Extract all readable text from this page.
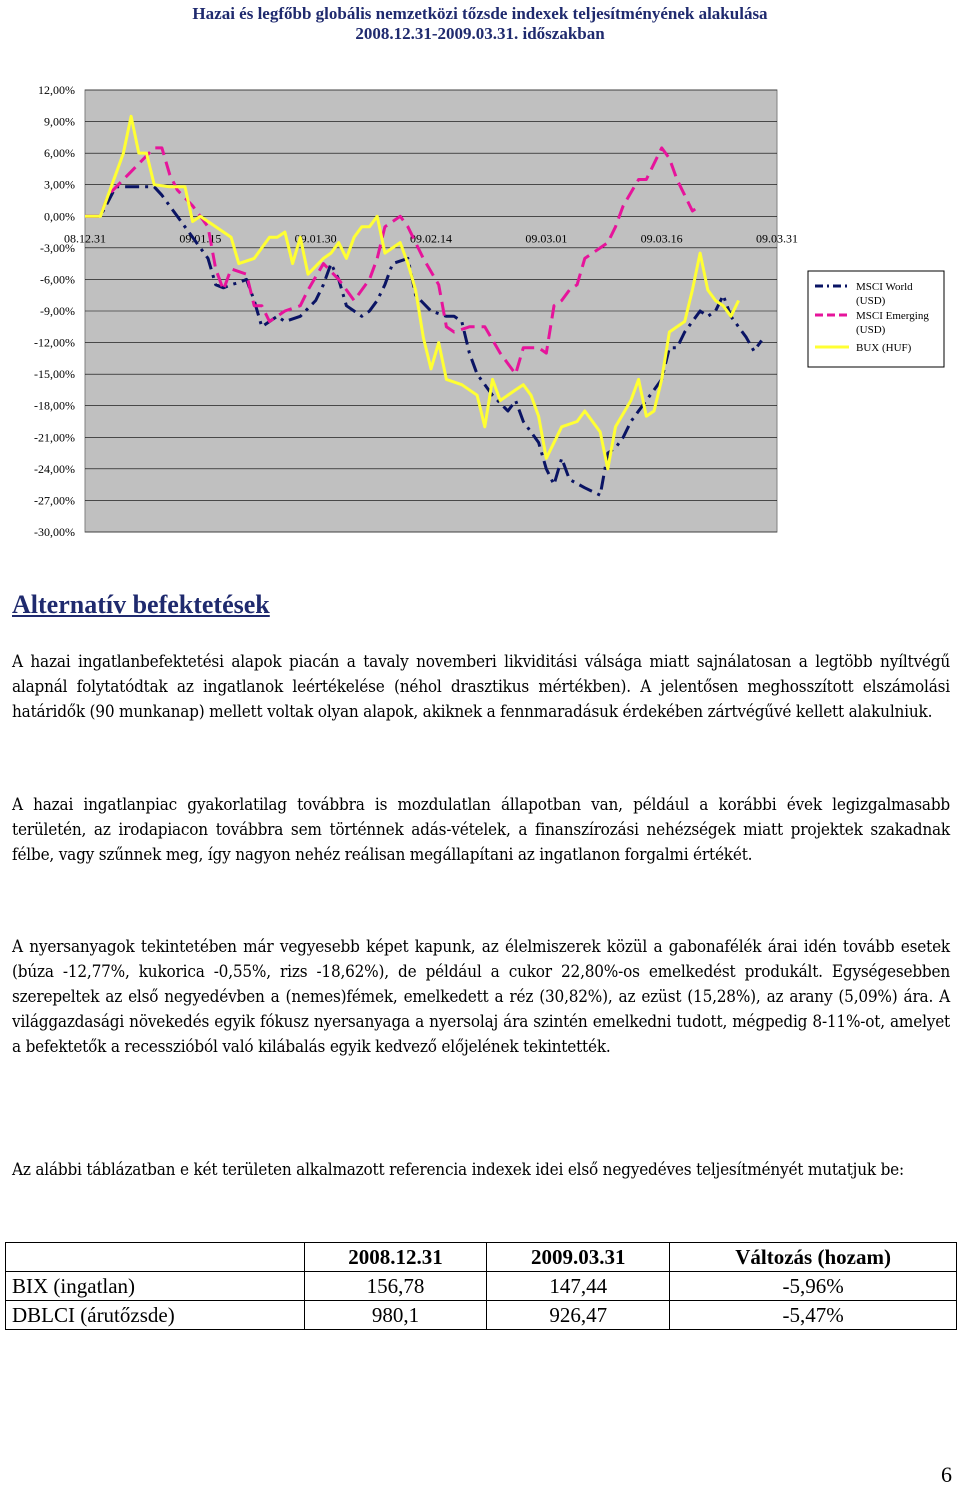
Hazai és legfőbb globális nemzetközi tőzsde indexek teljesítményének alakulása
2008.12.31-2009.03.31. időszakban
12,00%
9,00%
6,00%
3,00%
0,00%
-3,00%
-6,00%
-9,00%
-12,00%
-15,00%
-18,00%
-21,00%
-24,00%
-27,00%
-30,00%
08.12.31	09.01.15	09.01.30	09.02.14	09.03.01	09.03.16	09.03.31
MSCI World (USD)
MSCI Emerging (USD)
BUX (HUF)
Alternatív befektetések

A hazai ingatlanbefektetési alapok piacán a tavaly novemberi likviditási válsága miatt sajnálatosan a legtöbb nyíltvégű alapnál folytatódtak az ingatlanok leértékelése (néhol drasztikus mértékben). A jelentősen meghosszított elszámolási határidők (90 munkanap) mellett voltak olyan alapok, akiknek a fennmaradásuk érdekében zártvégűvé kellett alakulniuk.

A hazai ingatlanpiac gyakorlatilag továbbra is mozdulatlan állapotban van, például a korábbi évek legizgalmasabb területén, az irodapiacon továbbra sem történnek adás-vételek, a finanszírozási nehézségek miatt projektek szakadnak félbe, vagy szűnnek meg, így nagyon nehéz reálisan megállapítani az ingatlanon forgalmi értékét.

A nyersanyagok tekintetében már vegyesebb képet kapunk, az élelmiszerek közül a gabonafélék árai idén tovább esetek (búza -12,77%, kukorica -0,55%, rizs -18,62%), de például a cukor 22,80%-os emelkedést produkált. Egységesebben szerepeltek az első negyedévben a (nemes)fémek, emelkedett a réz (30,82%), az ezüst (15,28%), az arany (5,09%) ára. A világgazdasági növekedés egyik fókusz nyersanyaga a nyersolaj ára szintén emelkedni tudott, mégpedig 8-11%-ot, amelyet a befektetők a recesszióból való kilábalás egyik kedvező előjelének tekintették.

Az alábbi táblázatban e két területen alkalmazott referencia indexek idei első negyedéves teljesítményét mutatjuk be:

	2008.12.31	2009.03.31	Változás (hozam)
BIX (ingatlan)	156,78	147,44	-5,96%
DBLCI (árutőzsde)	980,1	926,47	-5,47%
6
